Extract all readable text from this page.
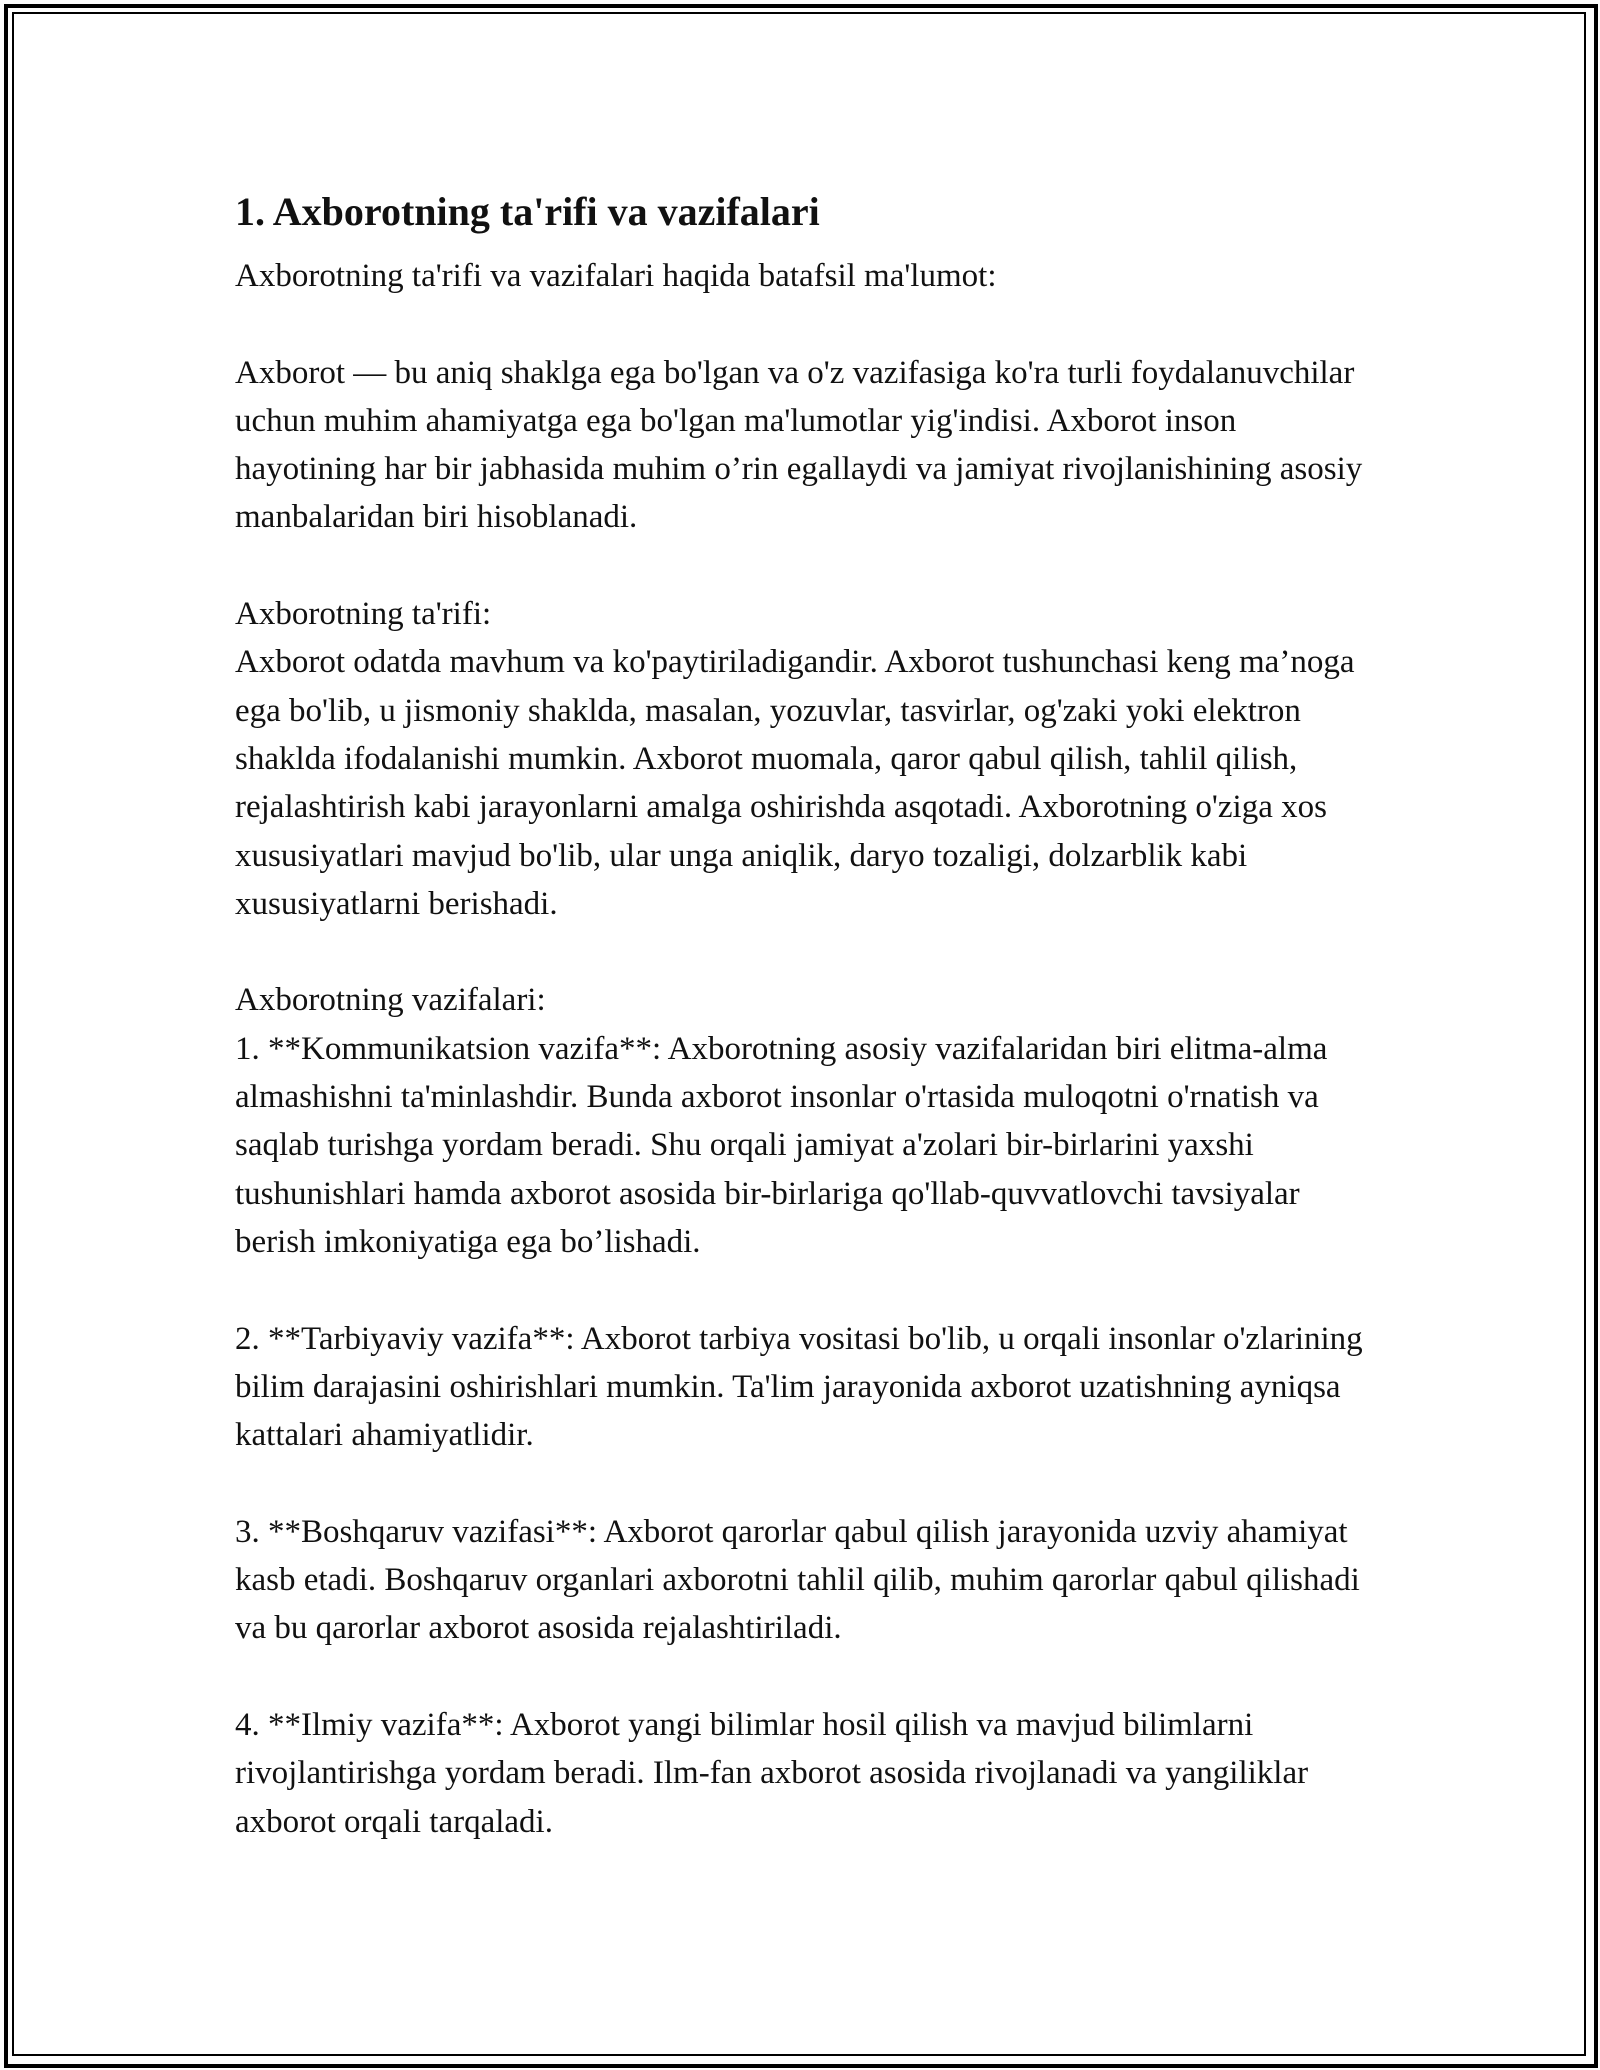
1. Axborotning ta'rifi va vazifalari

Axborotning ta'rifi va vazifalari haqida batafsil ma'lumot:

Axborot — bu aniq shaklga ega bo'lgan va o'z vazifasiga ko'ra turli foydalanuvchilar uchun muhim ahamiyatga ega bo'lgan ma'lumotlar yig'indisi. Axborot inson hayotining har bir jabhasida muhim o’rin egallaydi va jamiyat rivojlanishining asosiy manbalaridan biri hisoblanadi.

Axborotning ta'rifi:

Axborot odatda mavhum va ko'paytiriladigandir. Axborot tushunchasi keng ma’noga ega bo'lib, u jismoniy shaklda, masalan, yozuvlar, tasvirlar, og'zaki yoki elektron shaklda ifodalanishi mumkin. Axborot muomala, qaror qabul qilish, tahlil qilish, rejalashtirish kabi jarayonlarni amalga oshirishda asqotadi. Axborotning o'ziga xos xususiyatlari mavjud bo'lib, ular unga aniqlik, daryo tozaligi, dolzarblik kabi xususiyatlarni berishadi.

Axborotning vazifalari:

1. **Kommunikatsion vazifa**: Axborotning asosiy vazifalaridan biri elitma-alma almashishni ta'minlashdir. Bunda axborot insonlar o'rtasida muloqotni o'rnatish va saqlab turishga yordam beradi. Shu orqali jamiyat a'zolari bir-birlarini yaxshi tushunishlari hamda axborot asosida bir-birlariga qo'llab-quvvatlovchi tavsiyalar berish imkoniyatiga ega bo’lishadi.

2. **Tarbiyaviy vazifa**: Axborot tarbiya vositasi bo'lib, u orqali insonlar o'zlarining bilim darajasini oshirishlari mumkin. Ta'lim jarayonida axborot uzatishning ayniqsa kattalari ahamiyatlidir.

3. **Boshqaruv vazifasi**: Axborot qarorlar qabul qilish jarayonida uzviy ahamiyat kasb etadi. Boshqaruv organlari axborotni tahlil qilib, muhim qarorlar qabul qilishadi va bu qarorlar axborot asosida rejalashtiriladi.

4. **Ilmiy vazifa**: Axborot yangi bilimlar hosil qilish va mavjud bilimlarni rivojlantirishga yordam beradi. Ilm-fan axborot asosida rivojlanadi va yangiliklar axborot orqali tarqaladi.
